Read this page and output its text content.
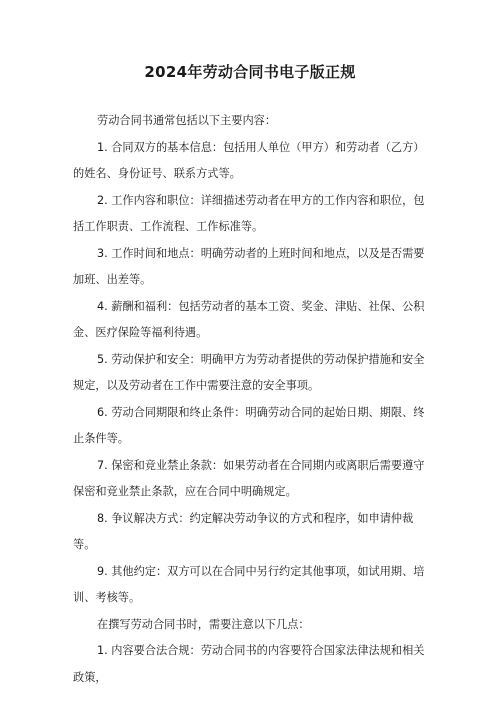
2024年劳动合同书电子版正规

劳动合同书通常包括以下主要内容：

1. 合同双方的基本信息：包括用人单位（甲方）和劳动者（乙方）的姓名、身份证号、联系方式等。

2. 工作内容和职位：详细描述劳动者在甲方的工作内容和职位，包括工作职责、工作流程、工作标准等。

3. 工作时间和地点：明确劳动者的上班时间和地点，以及是否需要加班、出差等。

4. 薪酬和福利：包括劳动者的基本工资、奖金、津贴、社保、公积金、医疗保险等福利待遇。

5. 劳动保护和安全：明确甲方为劳动者提供的劳动保护措施和安全规定，以及劳动者在工作中需要注意的安全事项。

6. 劳动合同期限和终止条件：明确劳动合同的起始日期、期限、终止条件等。

7. 保密和竞业禁止条款：如果劳动者在合同期内或离职后需要遵守保密和竞业禁止条款，应在合同中明确规定。

8. 争议解决方式：约定解决劳动争议的方式和程序，如申请仲裁等。

9. 其他约定：双方可以在合同中另行约定其他事项，如试用期、培训、考核等。

在撰写劳动合同书时，需要注意以下几点：

1. 内容要合法合规：劳动合同书的内容要符合国家法律法规和相关政策，
